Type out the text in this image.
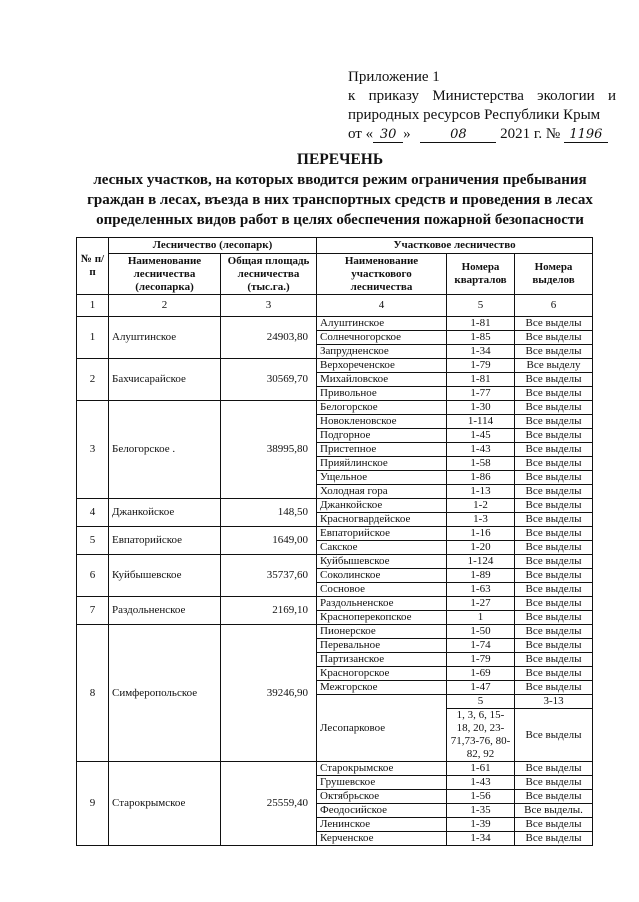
Приложение 1
к приказу Министерства экологии и
природных ресурсов Республики Крым
от « 30 »	08 2021 г. № 1196
ПЕРЕЧЕНЬ
лесных участков, на которых вводится режим ограничения пребывания
граждан в лесах, въезда в них транспортных средств и проведения в лесах
определенных видов работ в целях обеспечения пожарной безопасности
№ п/п	Лесничество (лесопарк)		Участковое лесничество		
	Наименование лесничества (лесопарка)	Общая площадь лесничества (тыс.га.)	Наименование участкового лесничества	Номера кварталов	Номера выделов
1	2	3	4	5	6
1	Алуштинское	24903,80	Алуштинское	1-81	Все выделы
			Солнечногорское	1-85	Все выделы
			Запрудненское	1-34	Все выделы
2	Бахчисарайское	30569,70	Верхореченское	1-79	Все выделу
			Михайловское	1-81	Все выделы
			Привольное	1-77	Все выделы
3	Белогорское .	38995,80	Белогорское	1-30	Все выделы
			Новокленовское	1-114	Все выделы
			Подгорное	1-45	Все выделы
			Пристепное	1-43	Все выделы
			Прияйлинское	1-58	Все выделы
			Ущельное	1-86	Все выделы
			Холодная гора	1-13	Все выделы
4	Джанкойское	148,50	Джанкойское	1-2	Все выделы
			Красногвардейское	1-3	Все выделы
5	Евпаторийское	1649,00	Евпаторийское	1-16	Все выделы
			Сакское	1-20	Все выделы
6	Куйбышевское	35737,60	Куйбышевское	1-124	Все выделы
			Соколинское	1-89	Все выделы
			Сосновое	1-63	Все выделы
7	Раздольненское	2169,10	Раздольненское	1-27	Все выделы
			Красноперекопское	1	Все выделы
8	Симферопольское	39246,90	Пионерское	1-50	Все выделы
			Перевальное	1-74	Все выделы
			Партизанское	1-79	Все выделы
			Красногорское	1-69	Все выделы
			Межгорское	1-47	Все выделы
			Лесопарковое	5	3-13
				1, 3, 6, 15-18, 20, 23-71,73-76, 80-82, 92	Все выделы
9	Старокрымское	25559,40	Старокрымское	1-61	Все выделы
			Грушевское	1-43	Все выделы
			Октябрьское	1-56	Все выделы
			Феодосийское	1-35	Все выделы.
			Ленинское	1-39	Все выделы
			Керченское	1-34	Все выделы
